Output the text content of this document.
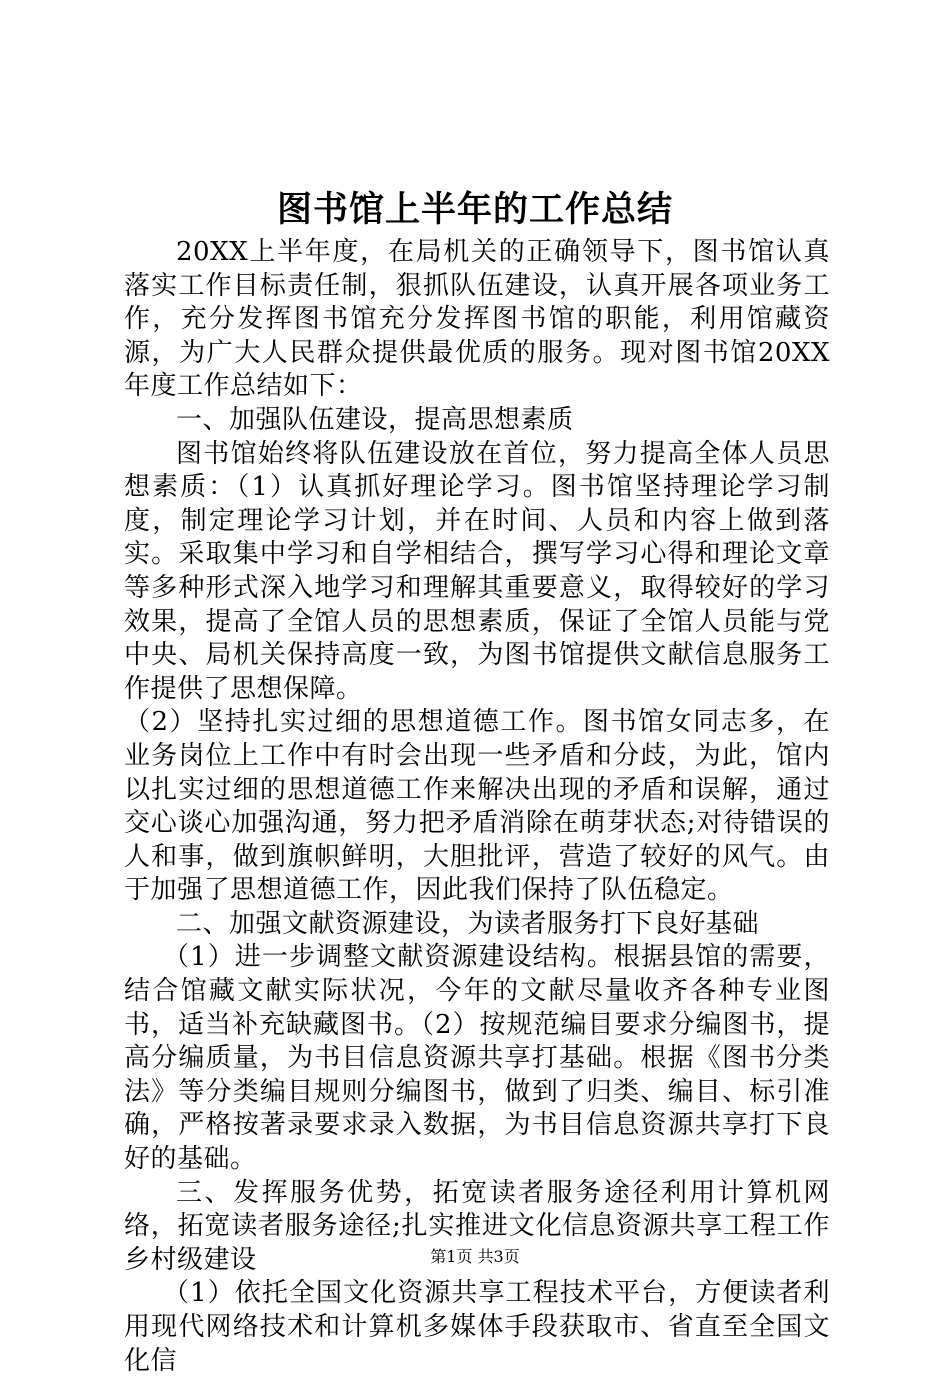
图书馆上半年的工作总结

20XX上半年度，在局机关的正确领导下，图书馆认真落实工作目标责任制，狠抓队伍建设，认真开展各项业务工作，充分发挥图书馆充分发挥图书馆的职能，利用馆藏资源，为广大人民群众提供最优质的服务。现对图书馆20XX年度工作总结如下：

一、加强队伍建设，提高思想素质

图书馆始终将队伍建设放在首位，努力提高全体人员思想素质：（1）认真抓好理论学习。图书馆坚持理论学习制度，制定理论学习计划，并在时间、人员和内容上做到落实。采取集中学习和自学相结合，撰写学习心得和理论文章等多种形式深入地学习和理解其重要意义，取得较好的学习效果，提高了全馆人员的思想素质，保证了全馆人员能与党中央、局机关保持高度一致，为图书馆提供文献信息服务工作提供了思想保障。

（2）坚持扎实过细的思想道德工作。图书馆女同志多，在业务岗位上工作中有时会出现一些矛盾和分歧，为此，馆内以扎实过细的思想道德工作来解决出现的矛盾和误解，通过交心谈心加强沟通，努力把矛盾消除在萌芽状态;对待错误的人和事，做到旗帜鲜明，大胆批评，营造了较好的风气。由于加强了思想道德工作，因此我们保持了队伍稳定。

二、加强文献资源建设，为读者服务打下良好基础

（1）进一步调整文献资源建设结构。根据县馆的需要，结合馆藏文献实际状况，今年的文献尽量收齐各种专业图书，适当补充缺藏图书。（2）按规范编目要求分编图书，提高分编质量，为书目信息资源共享打基础。根据《图书分类法》等分类编目规则分编图书，做到了归类、编目、标引准确，严格按著录要求录入数据，为书目信息资源共享打下良好的基础。

三、发挥服务优势，拓宽读者服务途径利用计算机网络，拓宽读者服务途径;扎实推进文化信息资源共享工程工作乡村级建设

（1）依托全国文化资源共享工程技术平台，方便读者利用现代网络技术和计算机多媒体手段获取市、省直至全国文化信

第1页 共3页
